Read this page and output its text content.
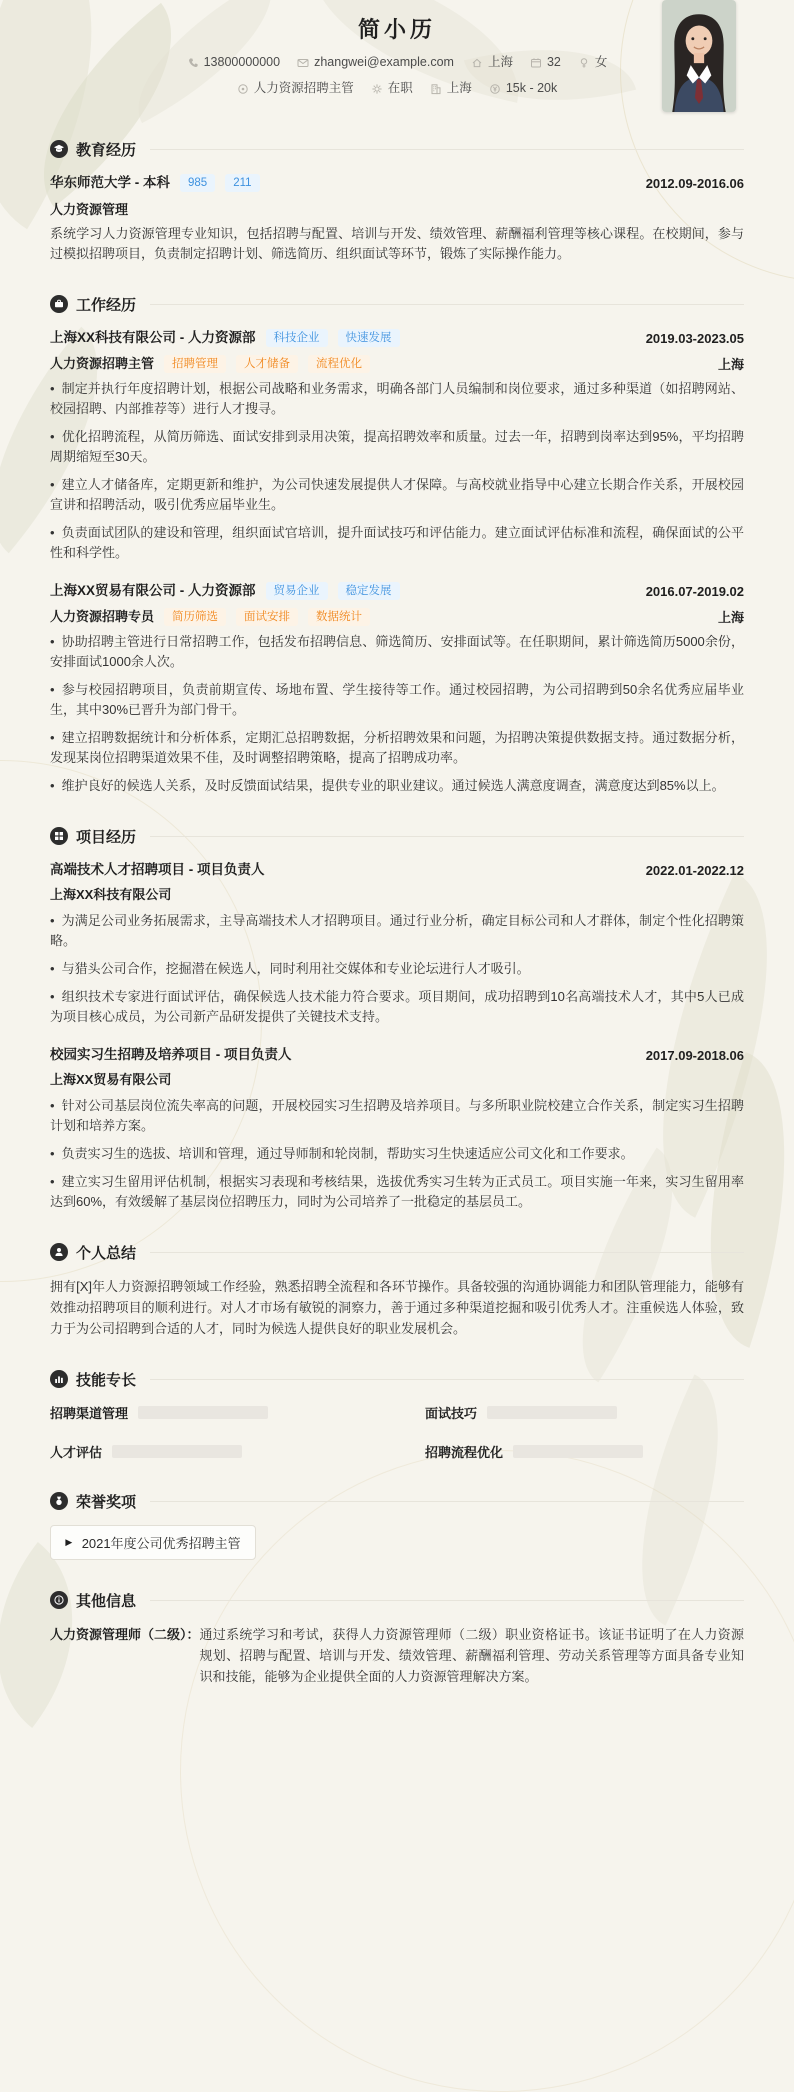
简小历
13800000000	zhangwei@example.com	上海	32	女
人力资源招聘主管	在职	上海	15k - 20k
教育经历
华东师范大学 - 本科	985	211	2012.09-2016.06
人力资源管理
系统学习人力资源管理专业知识，包括招聘与配置、培训与开发、绩效管理、薪酬福利管理等核心课程。在校期间，参与过模拟招聘项目，负责制定招聘计划、筛选简历、组织面试等环节，锻炼了实际操作能力。
工作经历
上海XX科技有限公司 - 人力资源部	科技企业	快速发展	2019.03-2023.05
人力资源招聘主管	招聘管理	人才储备	流程优化	上海
• 制定并执行年度招聘计划，根据公司战略和业务需求，明确各部门人员编制和岗位要求，通过多种渠道（如招聘网站、校园招聘、内部推荐等）进行人才搜寻。
• 优化招聘流程，从简历筛选、面试安排到录用决策，提高招聘效率和质量。过去一年，招聘到岗率达到95%，平均招聘周期缩短至30天。
• 建立人才储备库，定期更新和维护，为公司快速发展提供人才保障。与高校就业指导中心建立长期合作关系，开展校园宣讲和招聘活动，吸引优秀应届毕业生。
• 负责面试团队的建设和管理，组织面试官培训，提升面试技巧和评估能力。建立面试评估标准和流程，确保面试的公平性和科学性。
上海XX贸易有限公司 - 人力资源部	贸易企业	稳定发展	2016.07-2019.02
人力资源招聘专员	简历筛选	面试安排	数据统计	上海
• 协助招聘主管进行日常招聘工作，包括发布招聘信息、筛选简历、安排面试等。在任职期间，累计筛选简历5000余份，安排面试1000余人次。
• 参与校园招聘项目，负责前期宣传、场地布置、学生接待等工作。通过校园招聘，为公司招聘到50余名优秀应届毕业生，其中30%已晋升为部门骨干。
• 建立招聘数据统计和分析体系，定期汇总招聘数据，分析招聘效果和问题，为招聘决策提供数据支持。通过数据分析，发现某岗位招聘渠道效果不佳，及时调整招聘策略，提高了招聘成功率。
• 维护良好的候选人关系，及时反馈面试结果，提供专业的职业建议。通过候选人满意度调查，满意度达到85%以上。
项目经历
高端技术人才招聘项目 - 项目负责人	2022.01-2022.12
上海XX科技有限公司
• 为满足公司业务拓展需求，主导高端技术人才招聘项目。通过行业分析，确定目标公司和人才群体，制定个性化招聘策略。
• 与猎头公司合作，挖掘潜在候选人，同时利用社交媒体和专业论坛进行人才吸引。
• 组织技术专家进行面试评估，确保候选人技术能力符合要求。项目期间，成功招聘到10名高端技术人才，其中5人已成为项目核心成员，为公司新产品研发提供了关键技术支持。
校园实习生招聘及培养项目 - 项目负责人	2017.09-2018.06
上海XX贸易有限公司
• 针对公司基层岗位流失率高的问题，开展校园实习生招聘及培养项目。与多所职业院校建立合作关系，制定实习生招聘计划和培养方案。
• 负责实习生的选拔、培训和管理，通过导师制和轮岗制，帮助实习生快速适应公司文化和工作要求。
• 建立实习生留用评估机制，根据实习表现和考核结果，选拔优秀实习生转为正式员工。项目实施一年来，实习生留用率达到60%，有效缓解了基层岗位招聘压力，同时为公司培养了一批稳定的基层员工。
个人总结
拥有[X]年人力资源招聘领域工作经验，熟悉招聘全流程和各环节操作。具备较强的沟通协调能力和团队管理能力，能够有效推动招聘项目的顺利进行。对人才市场有敏锐的洞察力，善于通过多种渠道挖掘和吸引优秀人才。注重候选人体验，致力于为公司招聘到合适的人才，同时为候选人提供良好的职业发展机会。
技能专长
招聘渠道管理	面试技巧
人才评估	招聘流程优化
荣誉奖项
▶ 2021年度公司优秀招聘主管
其他信息
人力资源管理师（二级）： 通过系统学习和考试，获得人力资源管理师（二级）职业资格证书。该证书证明了在人力资源规划、招聘与配置、培训与开发、绩效管理、薪酬福利管理、劳动关系管理等方面具备专业知识和技能，能够为企业提供全面的人力资源管理解决方案。
